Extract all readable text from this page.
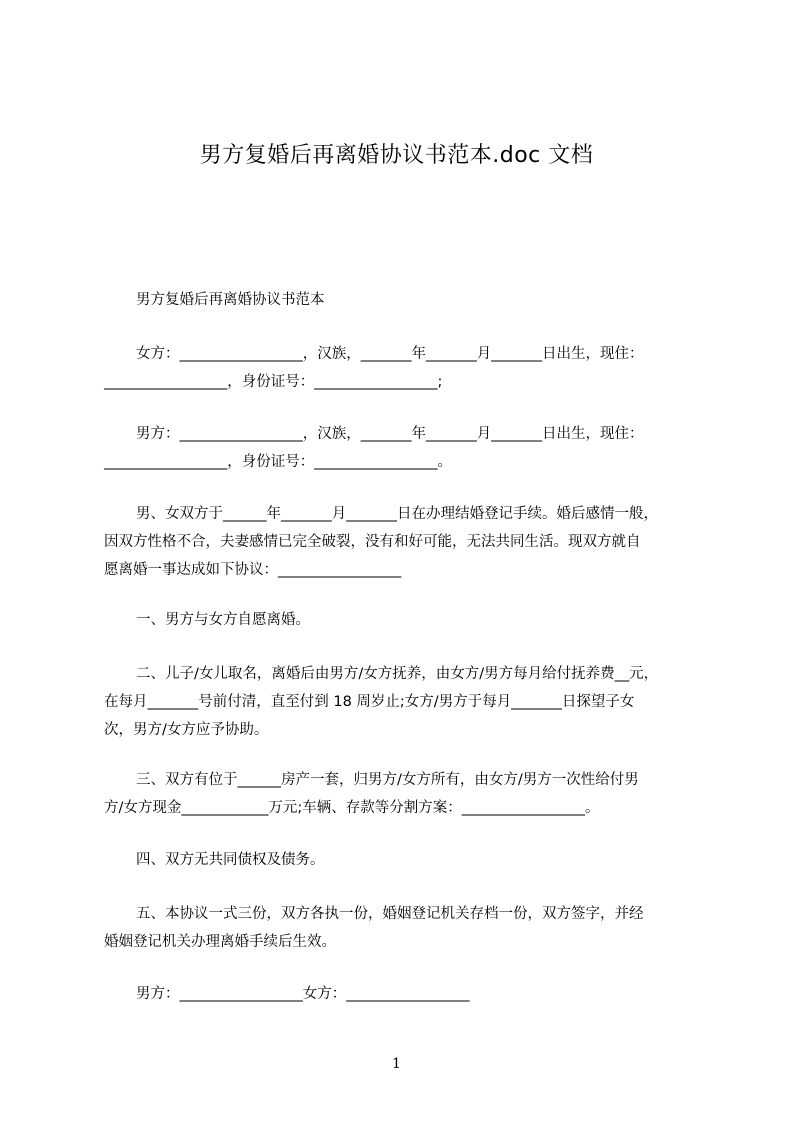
男方复婚后再离婚协议书范本.doc 文档
男方复婚后再离婚协议书范本
女方：_________________，汉族，_______年_______月_______日出生，现住：
_________________，身份证号：_________________;
男方：_________________，汉族，_______年_______月_______日出生，现住：
_________________，身份证号：_________________。
男、女双方于______年_______月_______日在办理结婚登记手续。婚后感情一般，
因双方性格不合，夫妻感情已完全破裂，没有和好可能，无法共同生活。现双方就自
愿离婚一事达成如下协议：_________________
一、男方与女方自愿离婚。
二、儿子/女儿取名，离婚后由男方/女方抚养，由女方/男方每月给付抚养费__元，
在每月_______号前付清，直至付到 18 周岁止;女方/男方于每月_______日探望子女
次，男方/女方应予协助。
三、双方有位于______房产一套，归男方/女方所有，由女方/男方一次性给付男
方/女方现金____________万元;车辆、存款等分割方案：_________________。
四、双方无共同债权及债务。
五、本协议一式三份，双方各执一份，婚姻登记机关存档一份，双方签字，并经
婚姻登记机关办理离婚手续后生效。
男方：_________________女方：_________________
1
